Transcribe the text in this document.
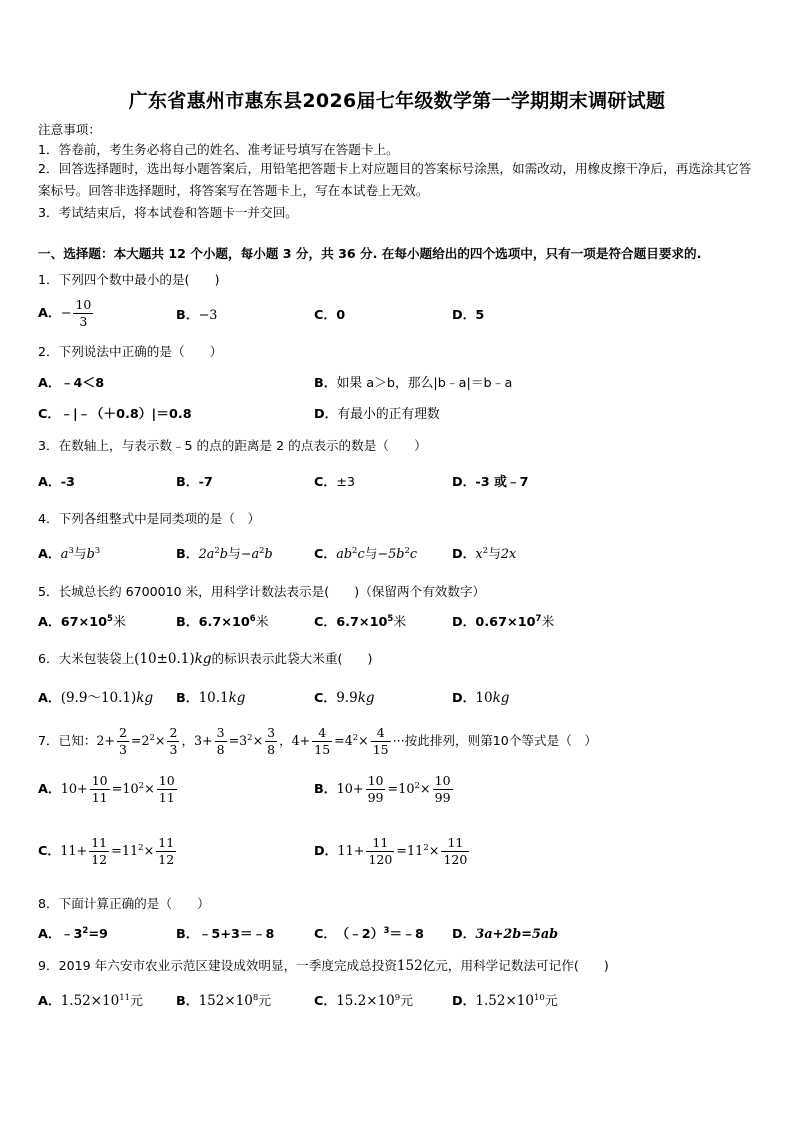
广东省惠州市惠东县2026届七年级数学第一学期期末调研试题
注意事项：
1．答卷前，考生务必将自己的姓名、准考证号填写在答题卡上。
2．回答选择题时，选出每小题答案后，用铅笔把答题卡上对应题目的答案标号涂黑，如需改动，用橡皮擦干净后，再选涂其它答案标号。回答非选择题时，将答案写在答题卡上，写在本试卷上无效。
3．考试结束后，将本试卷和答题卡一并交回。
一、选择题：本大题共 12 个小题，每小题 3 分，共 36 分. 在每小题给出的四个选项中，只有一项是符合题目要求的.
1．下列四个数中最小的是(　　)
A．− $\frac{10}{3}$	B．−3	C．0	D．5
2．下列说法中正确的是（　　）
A．﹣4＜8	B．如果 a＞b，那么|b﹣a|＝b﹣a
C．﹣|﹣（＋0.8）|＝0.8	D．有最小的正有理数
3．在数轴上，与表示数﹣5 的点的距离是 2 的点表示的数是（　　）
A．-3	B．-7	C．±3	D．-3 或﹣7
4．下列各组整式中是同类项的是（　）
A．$a^3$与$b^3$	B．$2a^2b$与$-a^2b$	C．$ab^2c$与$-5b^2c$	D．$x^2$与2x
5．长城总长约 6700010 米，用科学计数法表示是(　　)（保留两个有效数字）
A．$67\times 10^5$米	B．$6.7\times 10^6$米	C．$6.7\times 10^5$米	D．$0.67\times 10^7$米
6．大米包装袋上(10±0.1)kg的标识表示此袋大米重(　　)
A．(9.9～10.1)kg B．10.1kg	C．9.9kg	D．10kg
7．已知：$2+ \frac{2}{3} =2^2\times \frac{2}{3}$ ，$3+ \frac{3}{8} =3^2\times \frac{3}{8}$ ，$4+ \frac{4}{15} =4^2\times \frac{4}{15}$ ···按此排列，则第10个等式是（　）
A．$10+ \frac{10}{11} =10^2\times \frac{10}{11}$	B．$10+ \frac{10}{99} =10^2\times \frac{10}{99}$
C．$11+ \frac{11}{12} =11^2\times \frac{11}{12}$	D．$11+ \frac{11}{120} =11^2\times \frac{11}{120}$
8．下面计算正确的是（　　）
A．$﹣3^2=9$	B．﹣5+3＝﹣8	C．（﹣2）$^3$＝﹣8 D．3a+2b=5ab
9．2019 年六安市农业示范区建设成效明显，一季度完成总投资152亿元，用科学记数法可记作(　　)
A．$1.52\times 10^{11}$元	B．$152\times 10^8$元	C．$15.2\times 10^9$元	D．$1.52\times 10^{10}$元
